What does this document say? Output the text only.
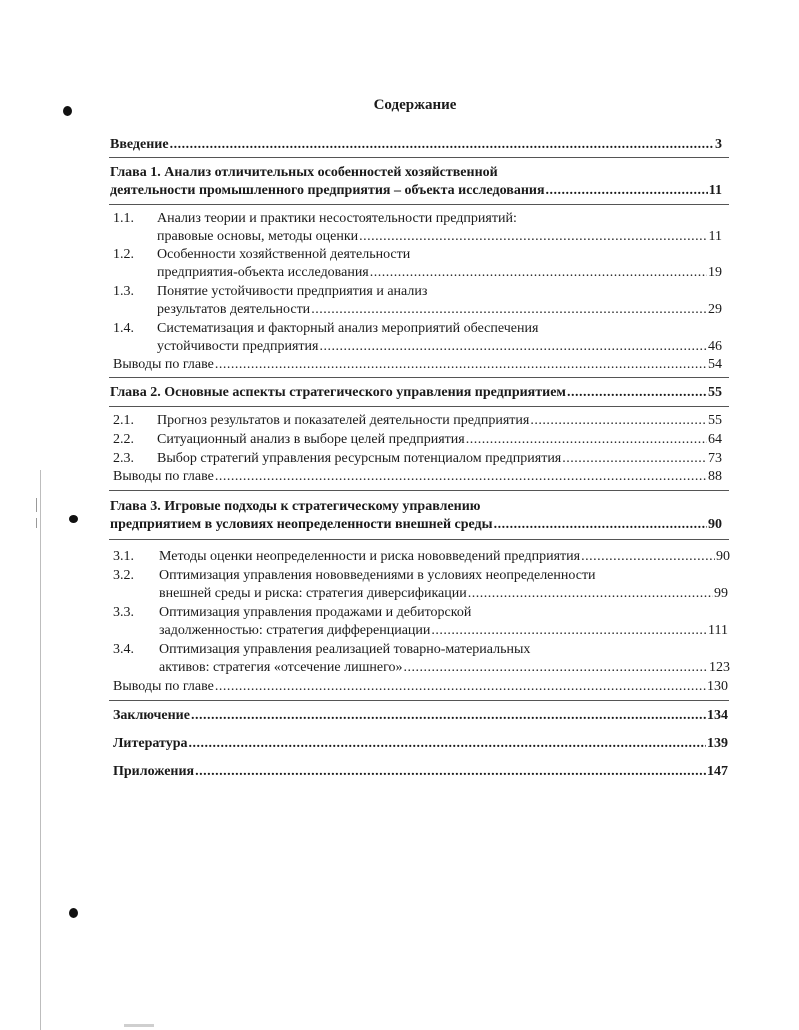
Содержание
Введение .....	3
Глава 1. Анализ отличительных особенностей хозяйственной
деятельности промышленного предприятия – объекта исследования .....	11
1.1. Анализ теории и практики несостоятельности предприятий:
правовые основы, методы оценки .....	11
1.2. Особенности хозяйственной деятельности
предприятия-объекта исследования .....	19
1.3. Понятие устойчивости предприятия и анализ
результатов деятельности .....	29
1.4. Систематизация и факторный анализ мероприятий обеспечения
устойчивости предприятия .....	46
Выводы по главе .....	54
Глава 2. Основные аспекты стратегического управления предприятием .....	55
2.1. Прогноз результатов и показателей деятельности предприятия .....	55
2.2. Ситуационный анализ в выборе целей предприятия .....	64
2.3. Выбор стратегий управления ресурсным потенциалом предприятия .....	73
Выводы по главе .....	88
Глава 3. Игровые подходы к стратегическому управлению
предприятием в условиях неопределенности внешней среды .....	90
3.1. Методы оценки неопределенности и риска нововведений предприятия .....	90
3.2. Оптимизация управления нововведениями в условиях неопределенности
внешней среды и риска: стратегия диверсификации .....	99
3.3. Оптимизация управления продажами и дебиторской
задолженностью: стратегия дифференциации .....	111
3.4. Оптимизация управления реализацией товарно-материальных
активов: стратегия «отсечение лишнего» .....	123
Выводы по главе .....	130
Заключение .....	134
Литература .....	139
Приложения .....	147
